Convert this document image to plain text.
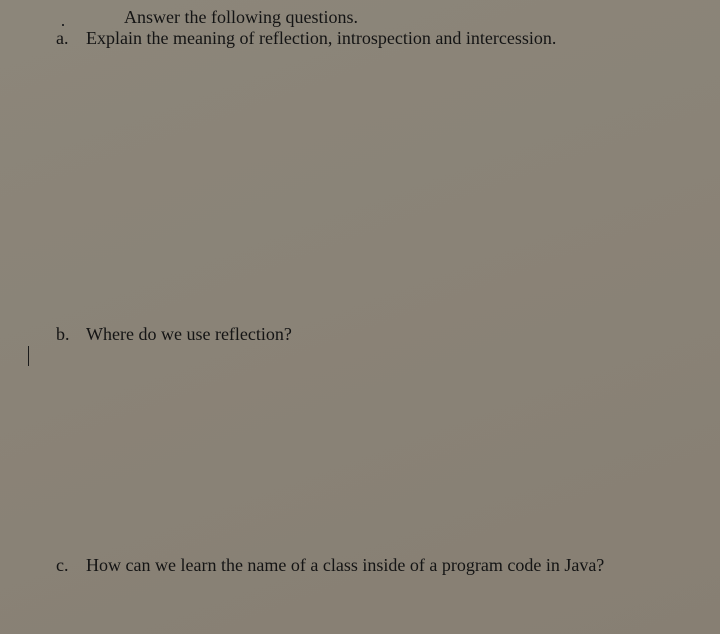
Answer the following questions.
a. Explain the meaning of reflection, introspection and intercession.
b. Where do we use reflection?
c. How can we learn the name of a class inside of a program code in Java?
